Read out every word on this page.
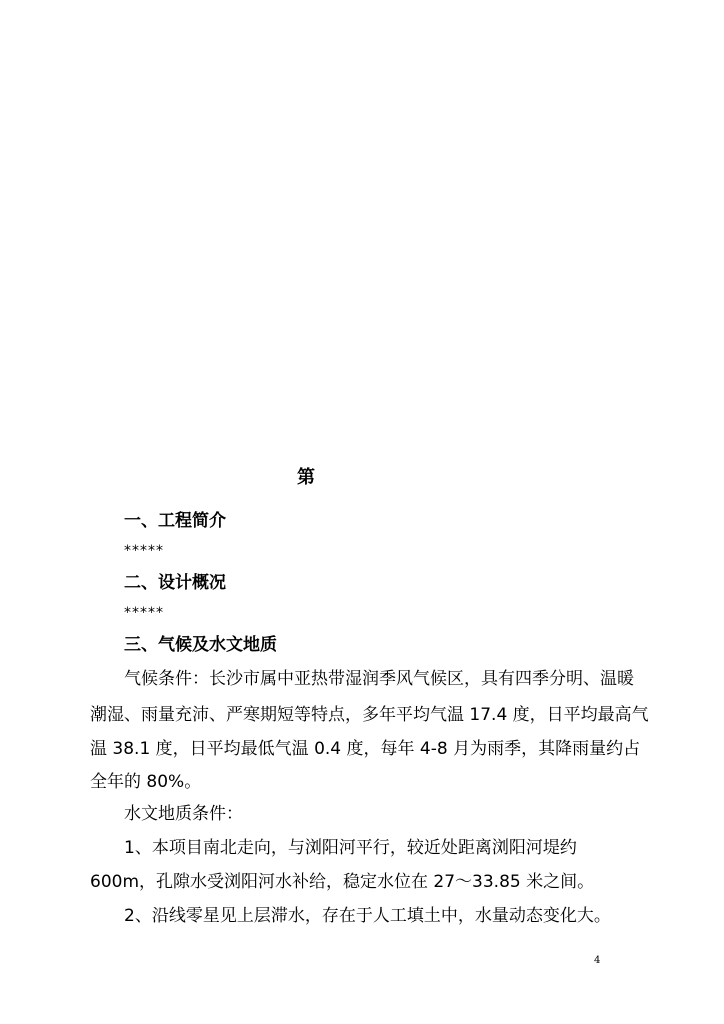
第
一、工程简介
*****
二、设计概况
*****
三、气候及水文地质
气候条件：长沙市属中亚热带湿润季风气候区，具有四季分明、温暖
潮湿、雨量充沛、严寒期短等特点，多年平均气温 17.4 度，日平均最高气
温 38.1 度，日平均最低气温 0.4 度，每年 4-8 月为雨季，其降雨量约占
全年的 80%。
水文地质条件：
1、本项目南北走向，与浏阳河平行，较近处距离浏阳河堤约
600m，孔隙水受浏阳河水补给，稳定水位在 27～33.85 米之间。
2、沿线零星见上层滞水，存在于人工填土中，水量动态变化大。
4
